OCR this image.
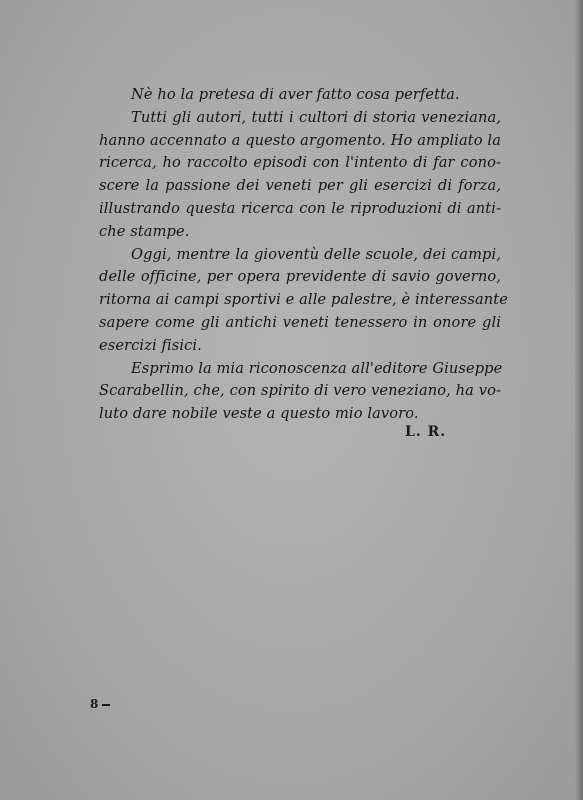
Nè ho la pretesa di aver fatto cosa perfetta.
Tutti gli autori, tutti i cultori di storia veneziana,
hanno accennato a questo argomento. Ho ampliato la
ricerca, ho raccolto episodi con l'intento di far cono-
scere la passione dei veneti per gli esercizi di forza,
illustrando questa ricerca con le riproduzioni di anti-
che stampe.
Oggi, mentre la gioventù delle scuole, dei campi,
delle officine, per opera previdente di savio governo,
ritorna ai campi sportivi e alle palestre, è interessante
sapere come gli antichi veneti tenessero in onore gli
esercizi fisici.
Esprimo la mia riconoscenza all'editore Giuseppe
Scarabellin, che, con spirito di vero veneziano, ha vo-
luto dare nobile veste a questo mio lavoro.
L. R.
8
